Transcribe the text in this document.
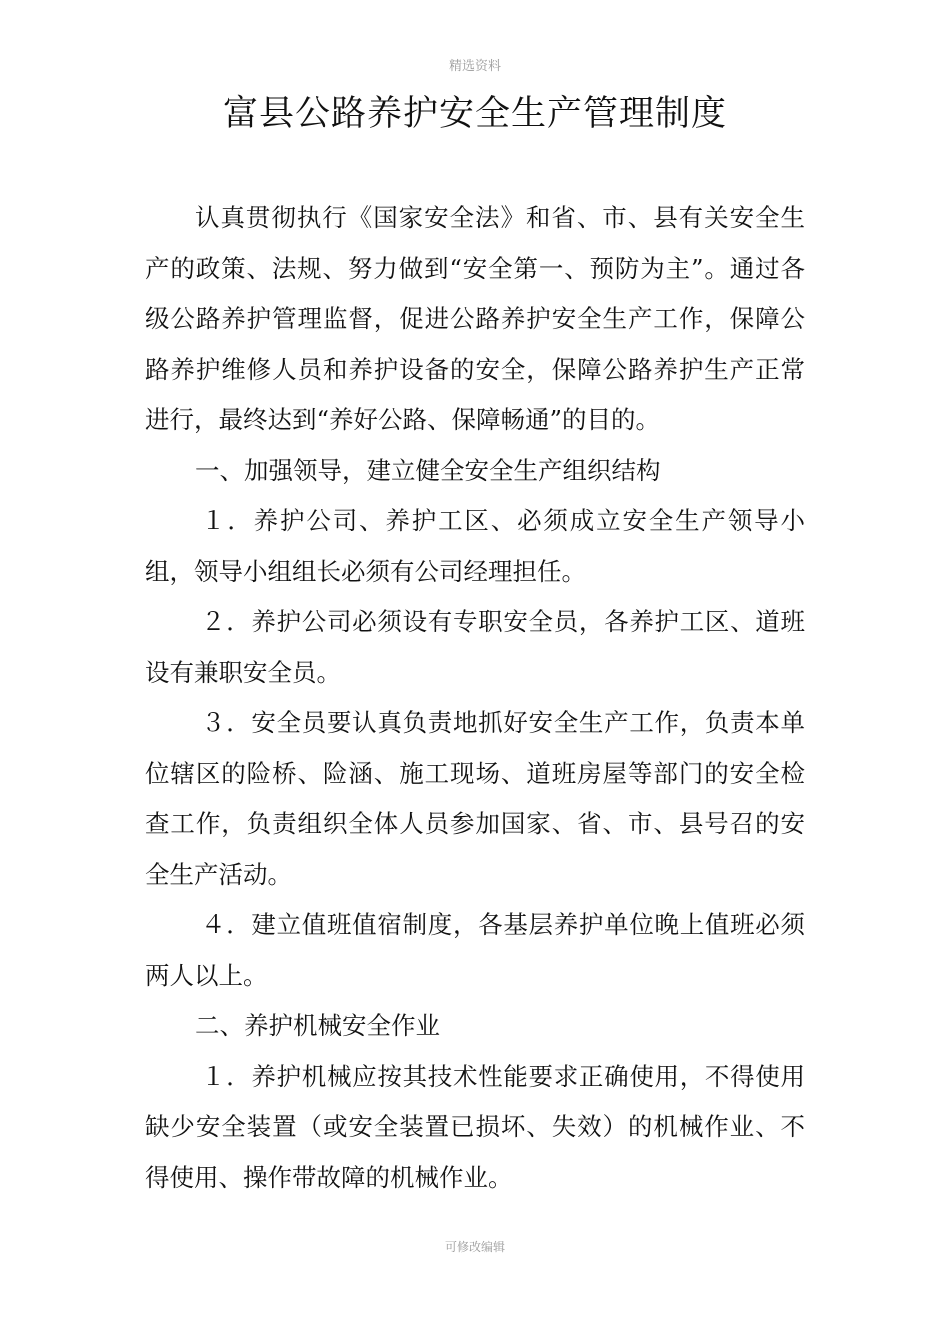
精选资料
富县公路养护安全生产管理制度

认真贯彻执行《国家安全法》和省、市、县有关安全生产的政策、法规、努力做到“安全第一、预防为主”。通过各级公路养护管理监督，促进公路养护安全生产工作，保障公路养护维修人员和养护设备的安全，保障公路养护生产正常进行，最终达到“养好公路、保障畅通”的目的。

一、加强领导，建立健全安全生产组织结构

１．养护公司、养护工区、必须成立安全生产领导小组，领导小组组长必须有公司经理担任。

２．养护公司必须设有专职安全员，各养护工区、道班设有兼职安全员。

３．安全员要认真负责地抓好安全生产工作，负责本单位辖区的险桥、险涵、施工现场、道班房屋等部门的安全检查工作，负责组织全体人员参加国家、省、市、县号召的安全生产活动。

４．建立值班值宿制度，各基层养护单位晚上值班必须两人以上。

二、养护机械安全作业

１．养护机械应按其技术性能要求正确使用，不得使用缺少安全装置（或安全装置已损坏、失效）的机械作业、不得使用、操作带故障的机械作业。

可修改编辑
